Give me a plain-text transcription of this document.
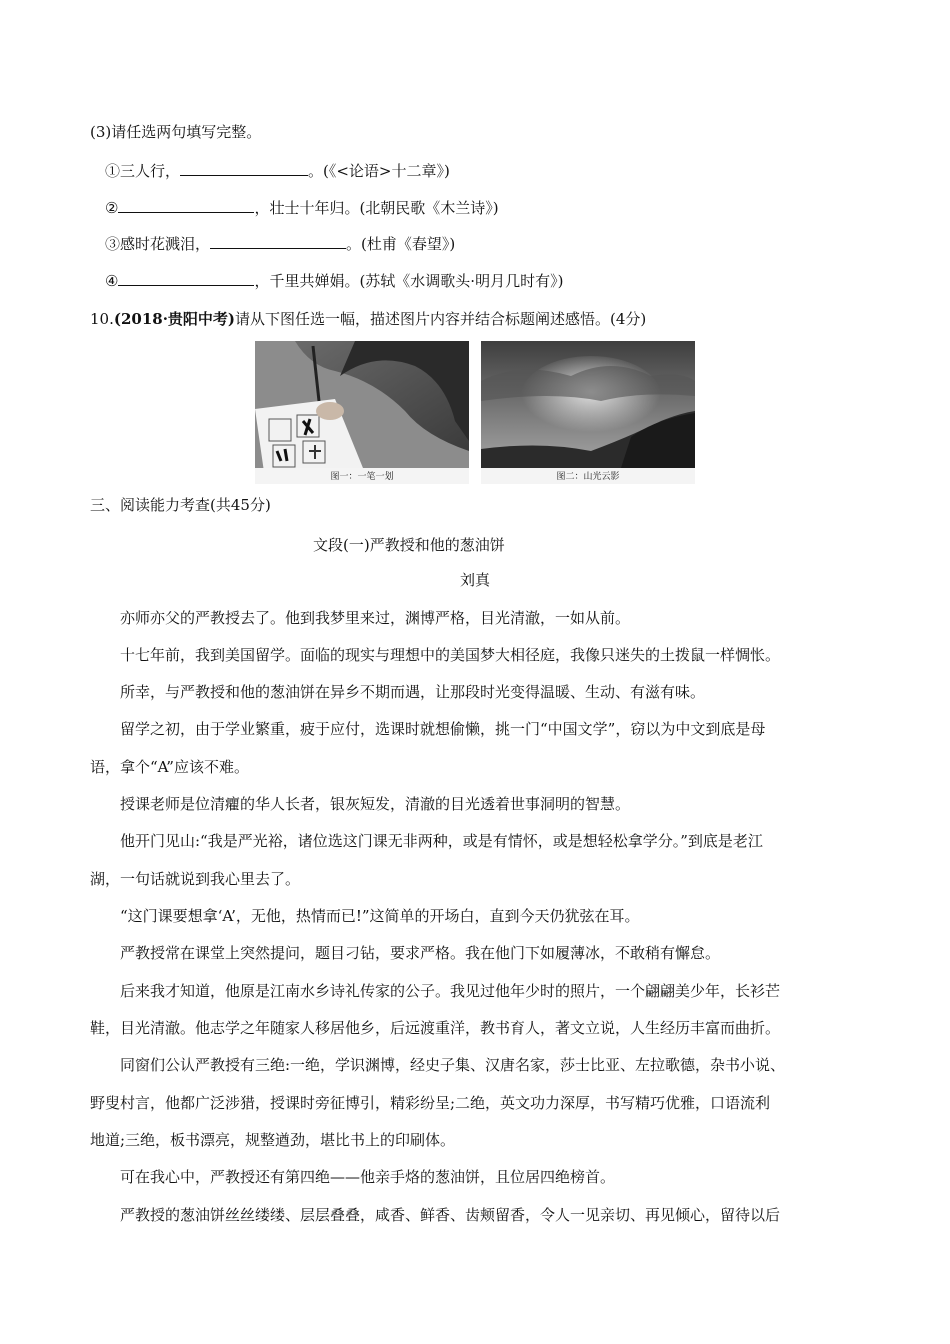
(3)请任选两句填写完整。
①三人行，	。(《<论语>十二章》)
②	，壮士十年归。(北朝民歌《木兰诗》)
③感时花溅泪，	。(杜甫《春望》)
④	，千里共婵娟。(苏轼《水调歌头·明月几时有》)
10.(2018·贵阳中考)请从下图任选一幅，描述图片内容并结合标题阐述感悟。(4分)
图一：一笔一划	图二：山光云影
三、阅读能力考查(共45分)
文段(一)严教授和他的葱油饼
刘真
亦师亦父的严教授去了。他到我梦里来过，渊博严格，目光清澈，一如从前。
十七年前，我到美国留学。面临的现实与理想中的美国梦大相径庭，我像只迷失的土拨鼠一样惆怅。
所幸，与严教授和他的葱油饼在异乡不期而遇，让那段时光变得温暖、生动、有滋有味。
留学之初，由于学业繁重，疲于应付，选课时就想偷懒，挑一门“中国文学”，窃以为中文到底是母
语，拿个“A”应该不难。
授课老师是位清癯的华人长者，银灰短发，清澈的目光透着世事洞明的智慧。
他开门见山:“我是严光裕，诸位选这门课无非两种，或是有情怀，或是想轻松拿学分。”到底是老江
湖，一句话就说到我心里去了。
“这门课要想拿‘A’，无他，热情而已!”这简单的开场白，直到今天仍犹弦在耳。
严教授常在课堂上突然提问，题目刁钻，要求严格。我在他门下如履薄冰，不敢稍有懈怠。
后来我才知道，他原是江南水乡诗礼传家的公子。我见过他年少时的照片，一个翩翩美少年，长衫芒
鞋，目光清澈。他志学之年随家人移居他乡，后远渡重洋，教书育人，著文立说，人生经历丰富而曲折。
同窗们公认严教授有三绝:一绝，学识渊博，经史子集、汉唐名家，莎士比亚、左拉歌德，杂书小说、
野叟村言，他都广泛涉猎，授课时旁征博引，精彩纷呈;二绝，英文功力深厚，书写精巧优雅，口语流利
地道;三绝，板书漂亮，规整遒劲，堪比书上的印刷体。
可在我心中，严教授还有第四绝——他亲手烙的葱油饼，且位居四绝榜首。
严教授的葱油饼丝丝缕缕、层层叠叠，咸香、鲜香、齿颊留香，令人一见亲切、再见倾心，留待以后
